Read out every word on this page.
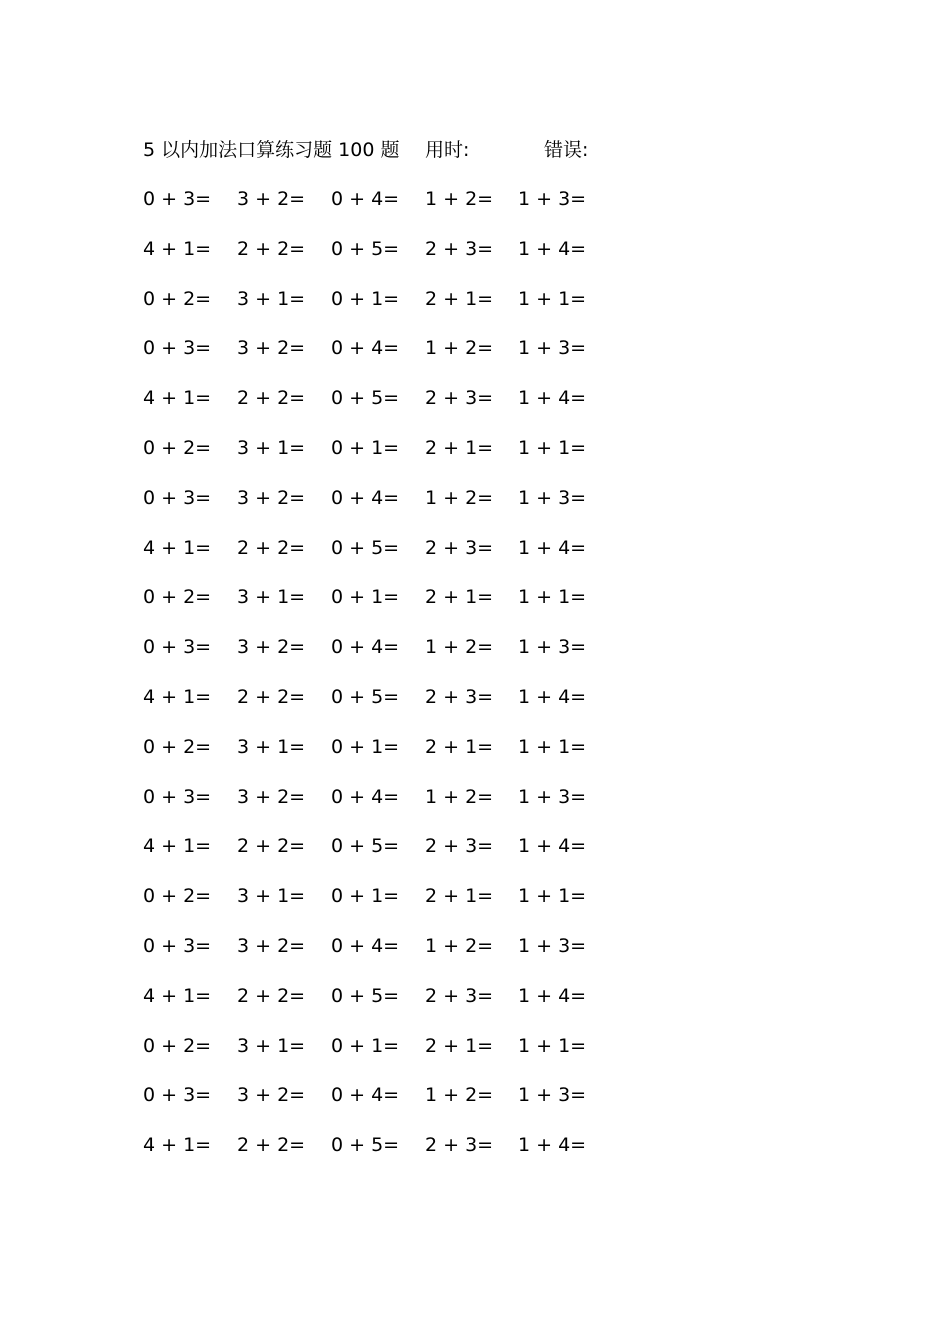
5 以内加法口算练习题 100 题 用时:	错误:
0 + 3= 3 + 2= 0 + 4= 1 + 2= 1 + 3=
4 + 1= 2 + 2= 0 + 5= 2 + 3= 1 + 4=
0 + 2= 3 + 1= 0 + 1= 2 + 1= 1 + 1=
0 + 3= 3 + 2= 0 + 4= 1 + 2= 1 + 3=
4 + 1= 2 + 2= 0 + 5= 2 + 3= 1 + 4=
0 + 2= 3 + 1= 0 + 1= 2 + 1= 1 + 1=
0 + 3= 3 + 2= 0 + 4= 1 + 2= 1 + 3=
4 + 1= 2 + 2= 0 + 5= 2 + 3= 1 + 4=
0 + 2= 3 + 1= 0 + 1= 2 + 1= 1 + 1=
0 + 3= 3 + 2= 0 + 4= 1 + 2= 1 + 3=
4 + 1= 2 + 2= 0 + 5= 2 + 3= 1 + 4=
0 + 2= 3 + 1= 0 + 1= 2 + 1= 1 + 1=
0 + 3= 3 + 2= 0 + 4= 1 + 2= 1 + 3=
4 + 1= 2 + 2= 0 + 5= 2 + 3= 1 + 4=
0 + 2= 3 + 1= 0 + 1= 2 + 1= 1 + 1=
0 + 3= 3 + 2= 0 + 4= 1 + 2= 1 + 3=
4 + 1= 2 + 2= 0 + 5= 2 + 3= 1 + 4=
0 + 2= 3 + 1= 0 + 1= 2 + 1= 1 + 1=
0 + 3= 3 + 2= 0 + 4= 1 + 2= 1 + 3=
4 + 1= 2 + 2= 0 + 5= 2 + 3= 1 + 4=
